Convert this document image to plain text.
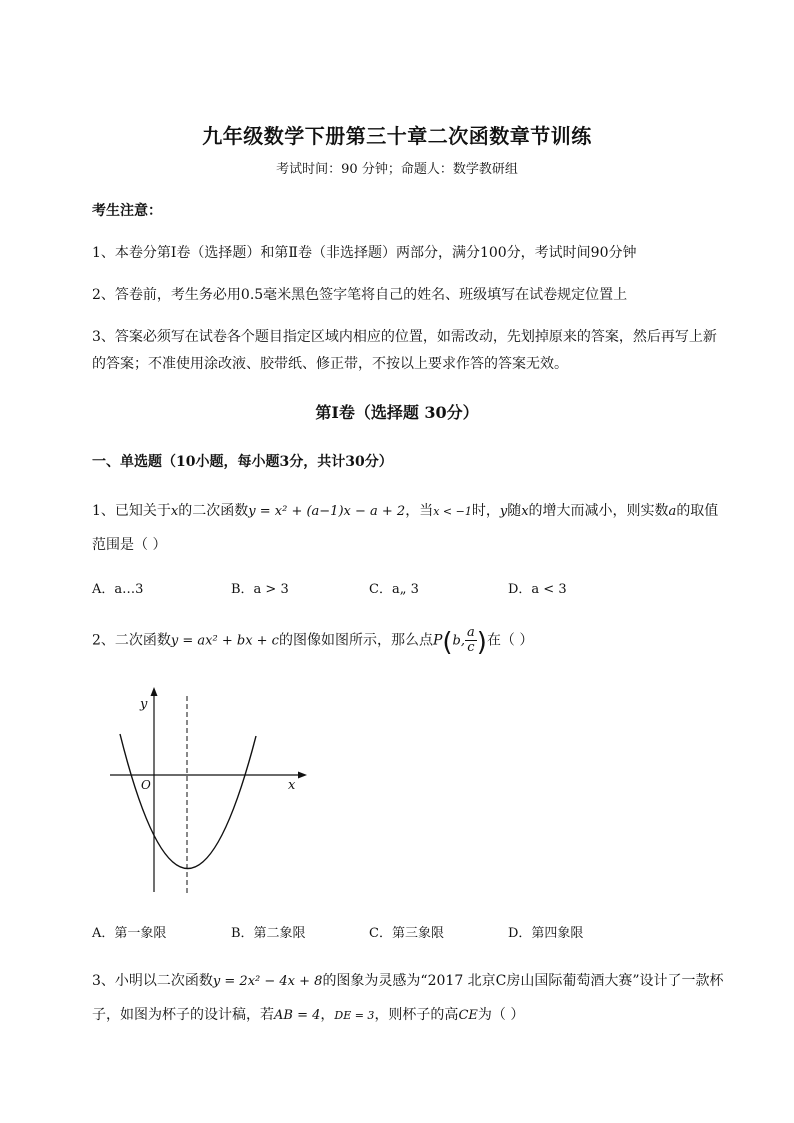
九年级数学下册第三十章二次函数章节训练
考试时间：90 分钟；命题人：数学教研组
考生注意：
1、本卷分第Ⅰ卷（选择题）和第Ⅱ卷（非选择题）两部分，满分100分，考试时间90分钟
2、答卷前，考生务必用0.5毫米黑色签字笔将自己的姓名、班级填写在试卷规定位置上
3、答案必须写在试卷各个题目指定区域内相应的位置，如需改动，先划掉原来的答案，然后再写上新
的答案；不准使用涂改液、胶带纸、修正带，不按以上要求作答的答案无效。
第Ⅰ卷（选择题 30分）
一、单选题（10小题，每小题3分，共计30分）
1、已知关于x的二次函数y = x² + (a−1)x − a + 2，当x < −1时，y随x的增大而减小，则实数a的取值
范围是（ ）
A．a…3	B．a > 3	C．a„ 3	D．a < 3
2、二次函数y = ax² + bx + c的图像如图所示，那么点P(b, $\frac{a}{c}$ )在（ ）
y
x
O
A．第一象限	B．第二象限	C．第三象限	D．第四象限
3、小明以二次函数y = 2x² − 4x + 8的图象为灵感为“2017 北京C房山国际葡萄酒大赛”设计了一款杯
子，如图为杯子的设计稿，若AB = 4，DE = 3，则杯子的高CE为（ ）
